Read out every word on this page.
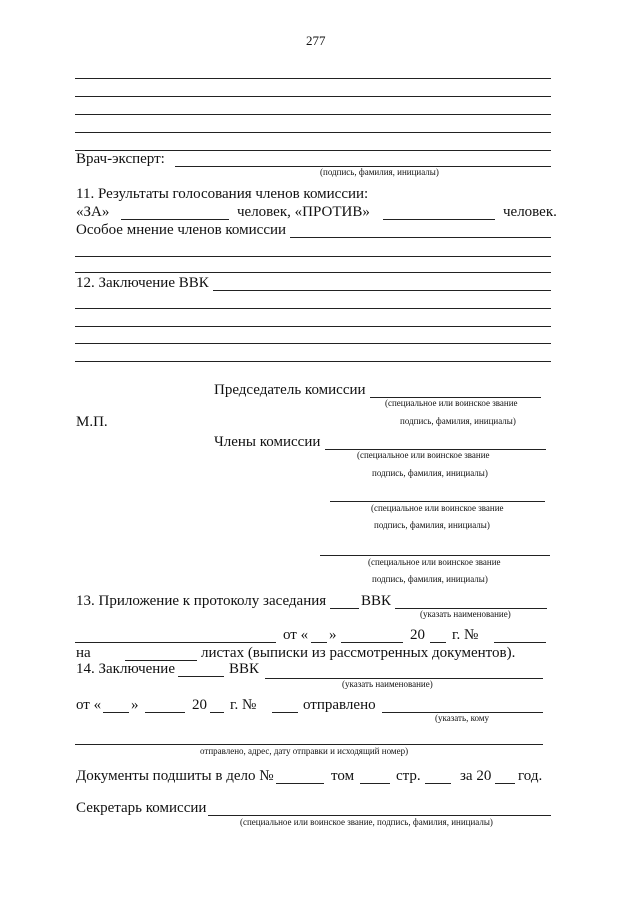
277
Врач-эксперт:
(подпись, фамилия, инициалы)
11. Результаты голосования членов комиссии:
«ЗА»	человек, «ПРОТИВ»	человек.
Особое мнение членов комиссии
12. Заключение ВВК
Председатель комиссии
(специальное или воинское звание
подпись, фамилия, инициалы)
М.П.
Члены комиссии
(специальное или воинское звание
подпись, фамилия, инициалы)
(специальное или воинское звание
подпись, фамилия, инициалы)
(специальное или воинское звание
подпись, фамилия, инициалы)
13. Приложение к протоколу заседания ВВК
(указать наименование)
от « »	20 г. №
на	листах (выписки из рассмотренных документов).
14. Заключение	ВВК
(указать наименование)
от « »	20 г. №	отправлено
(указать, кому
отправлено, адрес, дату отправки и исходящий номер)
Документы подшиты в дело №	том	стр.	за 20 год.
Секретарь комиссии
(специальное или воинское звание, подпись, фамилия, инициалы)
